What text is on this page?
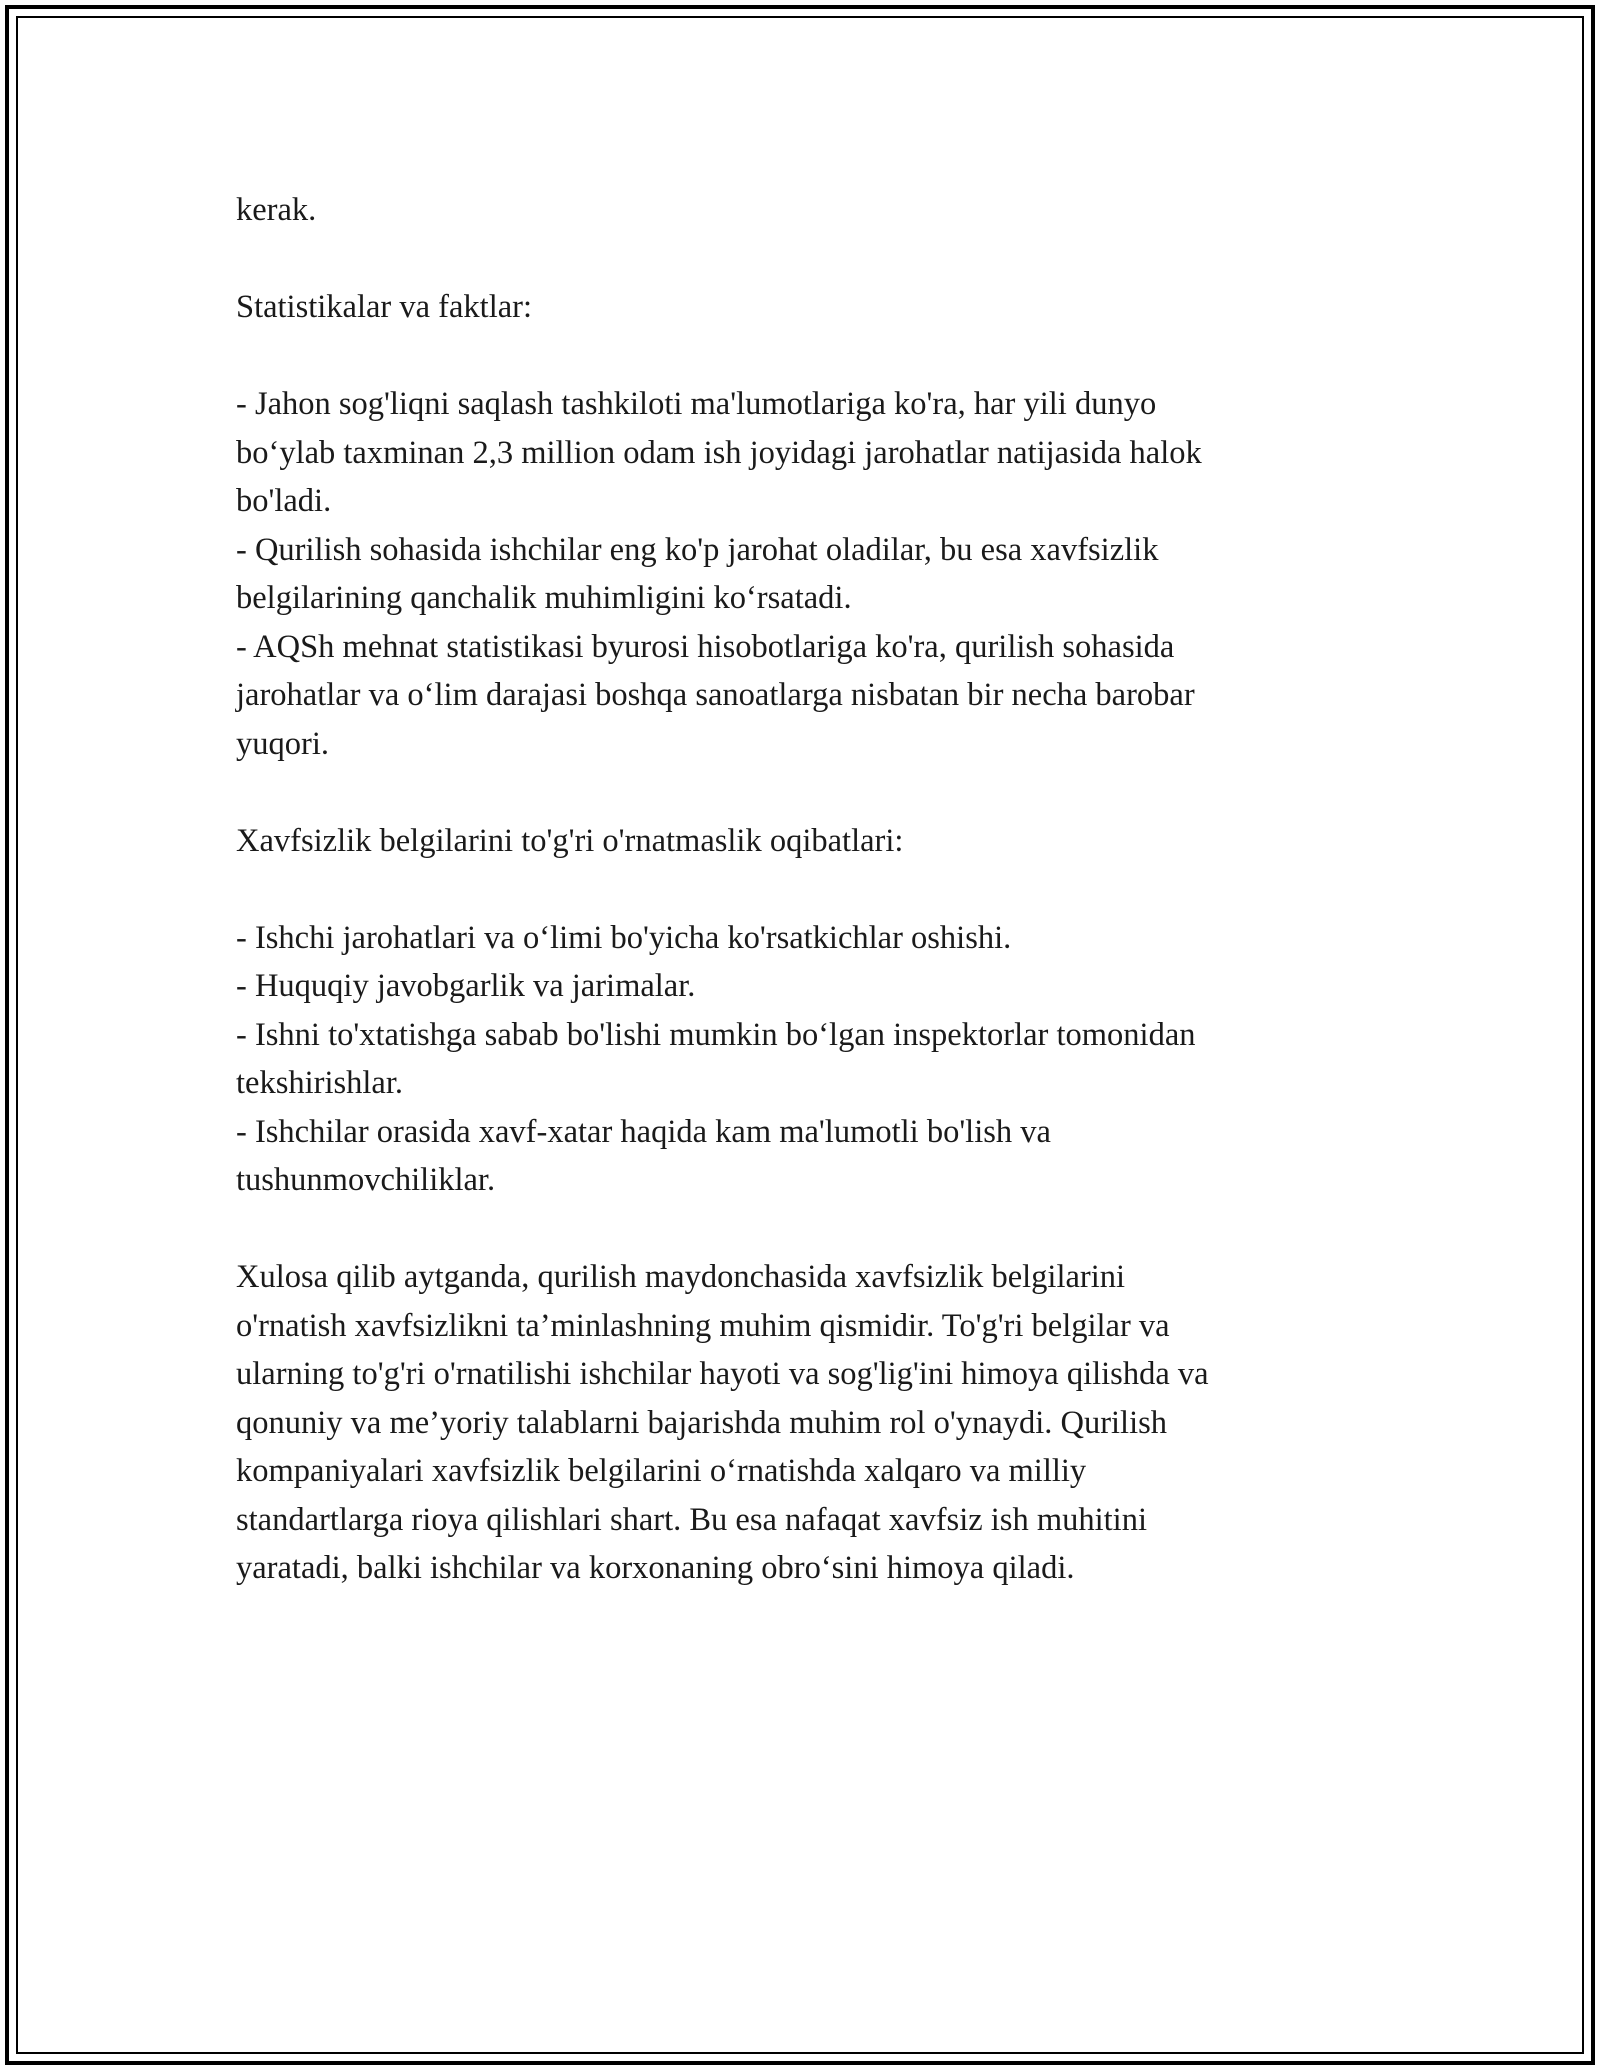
kerak.

Statistikalar va faktlar:

- Jahon sog'liqni saqlash tashkiloti ma'lumotlariga ko'ra, har yili dunyo

bo‘ylab taxminan 2,3 million odam ish joyidagi jarohatlar natijasida halok

bo'ladi.

- Qurilish sohasida ishchilar eng ko'p jarohat oladilar, bu esa xavfsizlik

belgilarining qanchalik muhimligini ko‘rsatadi.

- AQSh mehnat statistikasi byurosi hisobotlariga ko'ra, qurilish sohasida

jarohatlar va o‘lim darajasi boshqa sanoatlarga nisbatan bir necha barobar

yuqori.

Xavfsizlik belgilarini to'g'ri o'rnatmaslik oqibatlari:

- Ishchi jarohatlari va o‘limi bo'yicha ko'rsatkichlar oshishi.

- Huquqiy javobgarlik va jarimalar.

- Ishni to'xtatishga sabab bo'lishi mumkin bo‘lgan inspektorlar tomonidan

tekshirishlar.

- Ishchilar orasida xavf-xatar haqida kam ma'lumotli bo'lish va

tushunmovchiliklar.

Xulosa qilib aytganda, qurilish maydonchasida xavfsizlik belgilarini

o'rnatish xavfsizlikni ta’minlashning muhim qismidir. To'g'ri belgilar va

ularning to'g'ri o'rnatilishi ishchilar hayoti va sog'lig'ini himoya qilishda va

qonuniy va me’yoriy talablarni bajarishda muhim rol o'ynaydi. Qurilish

kompaniyalari xavfsizlik belgilarini o‘rnatishda xalqaro va milliy

standartlarga rioya qilishlari shart. Bu esa nafaqat xavfsiz ish muhitini

yaratadi, balki ishchilar va korxonaning obro‘sini himoya qiladi.
